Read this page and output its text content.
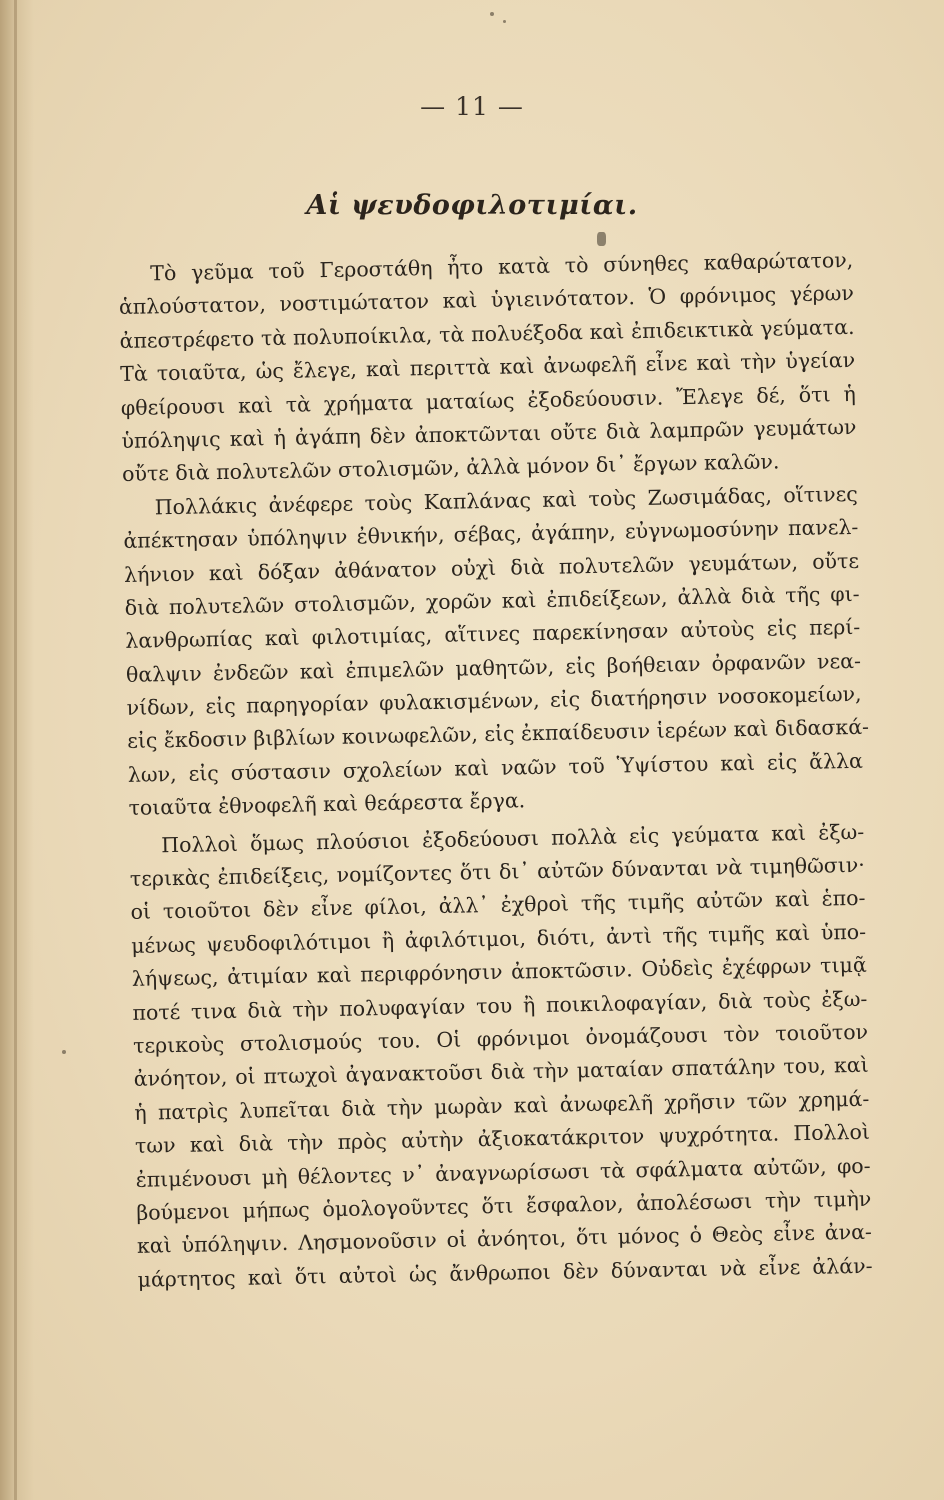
— 11 —
Αἱ ψευδοφιλοτιμίαι.
Τὸ γεῦμα τοῦ Γεροστάθη ἦτο κατὰ τὸ σύνηθες καθαρώτατον,
ἁπλούστατον, νοστιμώτατον καὶ ὑγιεινότατον. Ὁ φρόνιμος γέρων
ἀπεστρέφετο τὰ πολυποίκιλα, τὰ πολυέξοδα καὶ ἐπιδεικτικὰ γεύματα.
Τὰ τοιαῦτα, ὡς ἔλεγε, καὶ περιττὰ καὶ ἀνωφελῆ εἶνε καὶ τὴν ὑγείαν
φθείρουσι καὶ τὰ χρήματα ματαίως ἐξοδεύουσιν. Ἔλεγε δέ, ὅτι ἡ
ὑπόληψις καὶ ἡ ἀγάπη δὲν ἀποκτῶνται οὔτε διὰ λαμπρῶν γευμάτων
οὔτε διὰ πολυτελῶν στολισμῶν, ἀλλὰ μόνον δι᾽ ἔργων καλῶν.
Πολλάκις ἀνέφερε τοὺς Καπλάνας καὶ τοὺς Ζωσιμάδας, οἵτινες
ἀπέκτησαν ὑπόληψιν ἐθνικήν, σέβας, ἀγάπην, εὐγνωμοσύνην πανελ-
λήνιον καὶ δόξαν ἀθάνατον οὐχὶ διὰ πολυτελῶν γευμάτων, οὔτε
διὰ πολυτελῶν στολισμῶν, χορῶν καὶ ἐπιδείξεων, ἀλλὰ διὰ τῆς φι-
λανθρωπίας καὶ φιλοτιμίας, αἵτινες παρεκίνησαν αὐτοὺς εἰς περί-
θαλψιν ἐνδεῶν καὶ ἐπιμελῶν μαθητῶν, εἰς βοήθειαν ὀρφανῶν νεα-
νίδων, εἰς παρηγορίαν φυλακισμένων, εἰς διατήρησιν νοσοκομείων,
εἰς ἔκδοσιν βιβλίων κοινωφελῶν, εἰς ἐκπαίδευσιν ἱερέων καὶ διδασκά-
λων, εἰς σύστασιν σχολείων καὶ ναῶν τοῦ Ὑψίστου καὶ εἰς ἄλλα
τοιαῦτα ἐθνοφελῆ καὶ θεάρεστα ἔργα.
Πολλοὶ ὅμως πλούσιοι ἐξοδεύουσι πολλὰ εἰς γεύματα καὶ ἐξω-
τερικὰς ἐπιδείξεις, νομίζοντες ὅτι δι᾽ αὐτῶν δύνανται νὰ τιμηθῶσιν·
οἱ τοιοῦτοι δὲν εἶνε φίλοι, ἀλλ᾽ ἐχθροὶ τῆς τιμῆς αὐτῶν καὶ ἑπο-
μένως ψευδοφιλότιμοι ἢ ἀφιλότιμοι, διότι, ἀντὶ τῆς τιμῆς καὶ ὑπο-
λήψεως, ἀτιμίαν καὶ περιφρόνησιν ἀποκτῶσιν. Οὐδεὶς ἐχέφρων τιμᾷ
ποτέ τινα διὰ τὴν πολυφαγίαν του ἢ ποικιλοφαγίαν, διὰ τοὺς ἐξω-
τερικοὺς στολισμούς του. Οἱ φρόνιμοι ὀνομάζουσι τὸν τοιοῦτον
ἀνόητον, οἱ πτωχοὶ ἀγανακτοῦσι διὰ τὴν ματαίαν σπατάλην του, καὶ
ἡ πατρὶς λυπεῖται διὰ τὴν μωρὰν καὶ ἀνωφελῆ χρῆσιν τῶν χρημά-
των καὶ διὰ τὴν πρὸς αὐτὴν ἀξιοκατάκριτον ψυχρότητα. Πολλοὶ
ἐπιμένουσι μὴ θέλοντες ν᾽ ἀναγνωρίσωσι τὰ σφάλματα αὐτῶν, φο-
βούμενοι μήπως ὁμολογοῦντες ὅτι ἔσφαλον, ἀπολέσωσι τὴν τιμὴν
καὶ ὑπόληψιν. Λησμονοῦσιν οἱ ἀνόητοι, ὅτι μόνος ὁ Θεὸς εἶνε ἀνα-
μάρτητος καὶ ὅτι αὐτοὶ ὡς ἄνθρωποι δὲν δύνανται νὰ εἶνε ἀλάν-
